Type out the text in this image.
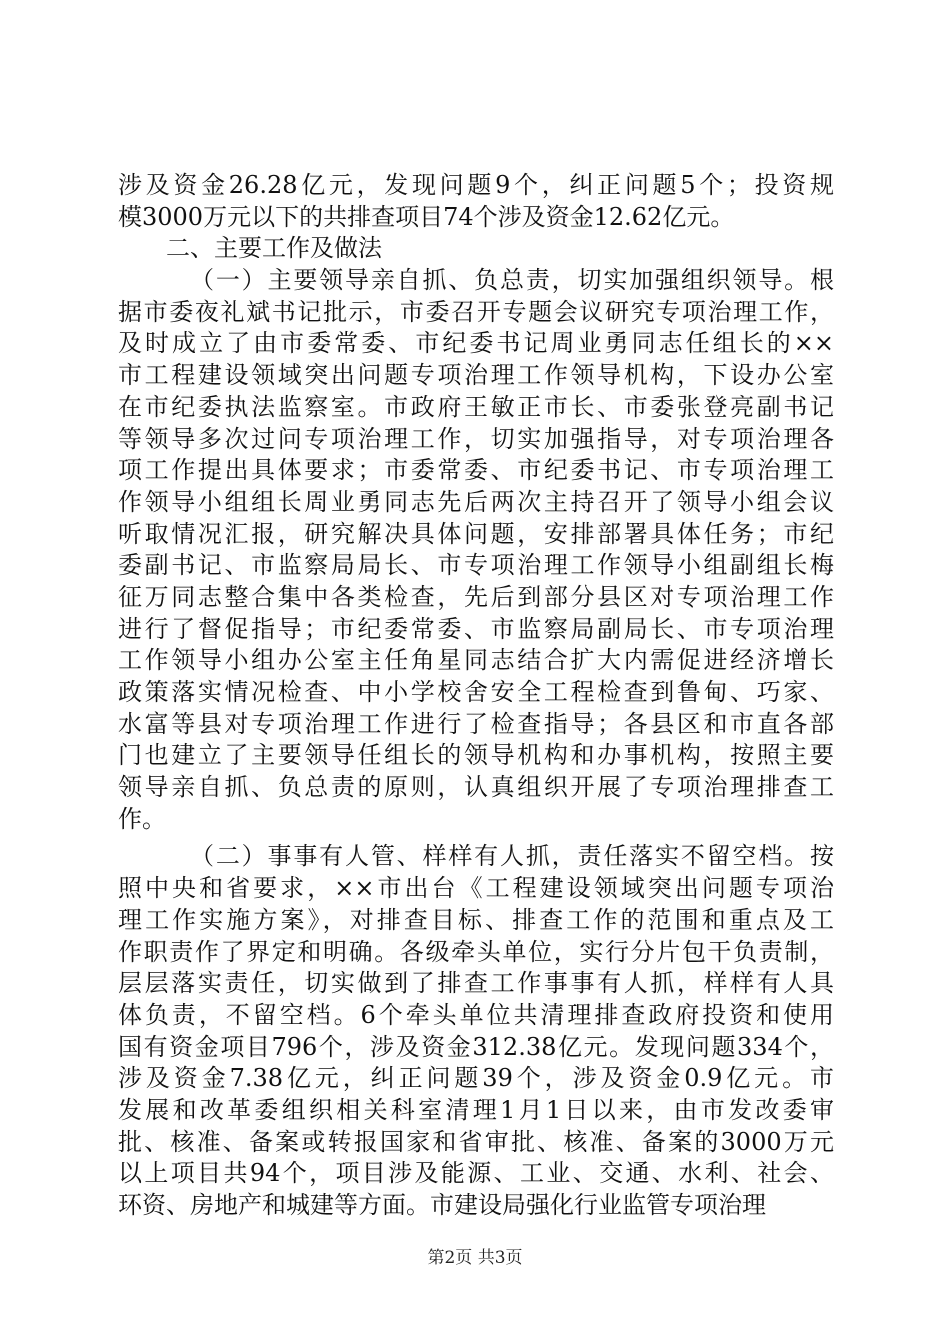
涉及资金26.28亿元，发现问题9个，纠正问题5个；投资规
模3000万元以下的共排查项目74个涉及资金12.62亿元。
二、主要工作及做法
（一）主要领导亲自抓、负总责，切实加强组织领导。根
据市委夜礼斌书记批示，市委召开专题会议研究专项治理工作，
及时成立了由市委常委、市纪委书记周业勇同志任组长的××
市工程建设领域突出问题专项治理工作领导机构，下设办公室
在市纪委执法监察室。市政府王敏正市长、市委张登亮副书记
等领导多次过问专项治理工作，切实加强指导，对专项治理各
项工作提出具体要求；市委常委、市纪委书记、市专项治理工
作领导小组组长周业勇同志先后两次主持召开了领导小组会议
听取情况汇报，研究解决具体问题，安排部署具体任务；市纪
委副书记、市监察局局长、市专项治理工作领导小组副组长梅
征万同志整合集中各类检查，先后到部分县区对专项治理工作
进行了督促指导；市纪委常委、市监察局副局长、市专项治理
工作领导小组办公室主任角星同志结合扩大内需促进经济增长
政策落实情况检查、中小学校舍安全工程检查到鲁甸、巧家、
水富等县对专项治理工作进行了检查指导；各县区和市直各部
门也建立了主要领导任组长的领导机构和办事机构，按照主要
领导亲自抓、负总责的原则，认真组织开展了专项治理排查工
作。
（二）事事有人管、样样有人抓，责任落实不留空档。按
照中央和省要求，××市出台《工程建设领域突出问题专项治
理工作实施方案》，对排查目标、排查工作的范围和重点及工
作职责作了界定和明确。各级牵头单位，实行分片包干负责制，
层层落实责任，切实做到了排查工作事事有人抓，样样有人具
体负责，不留空档。6个牵头单位共清理排查政府投资和使用
国有资金项目796个，涉及资金312.38亿元。发现问题334个，
涉及资金7.38亿元，纠正问题39个，涉及资金0.9亿元。市
发展和改革委组织相关科室清理1月1日以来，由市发改委审
批、核准、备案或转报国家和省审批、核准、备案的3000万元
以上项目共94个，项目涉及能源、工业、交通、水利、社会、
环资、房地产和城建等方面。市建设局强化行业监管专项治理
第2页 共3页
